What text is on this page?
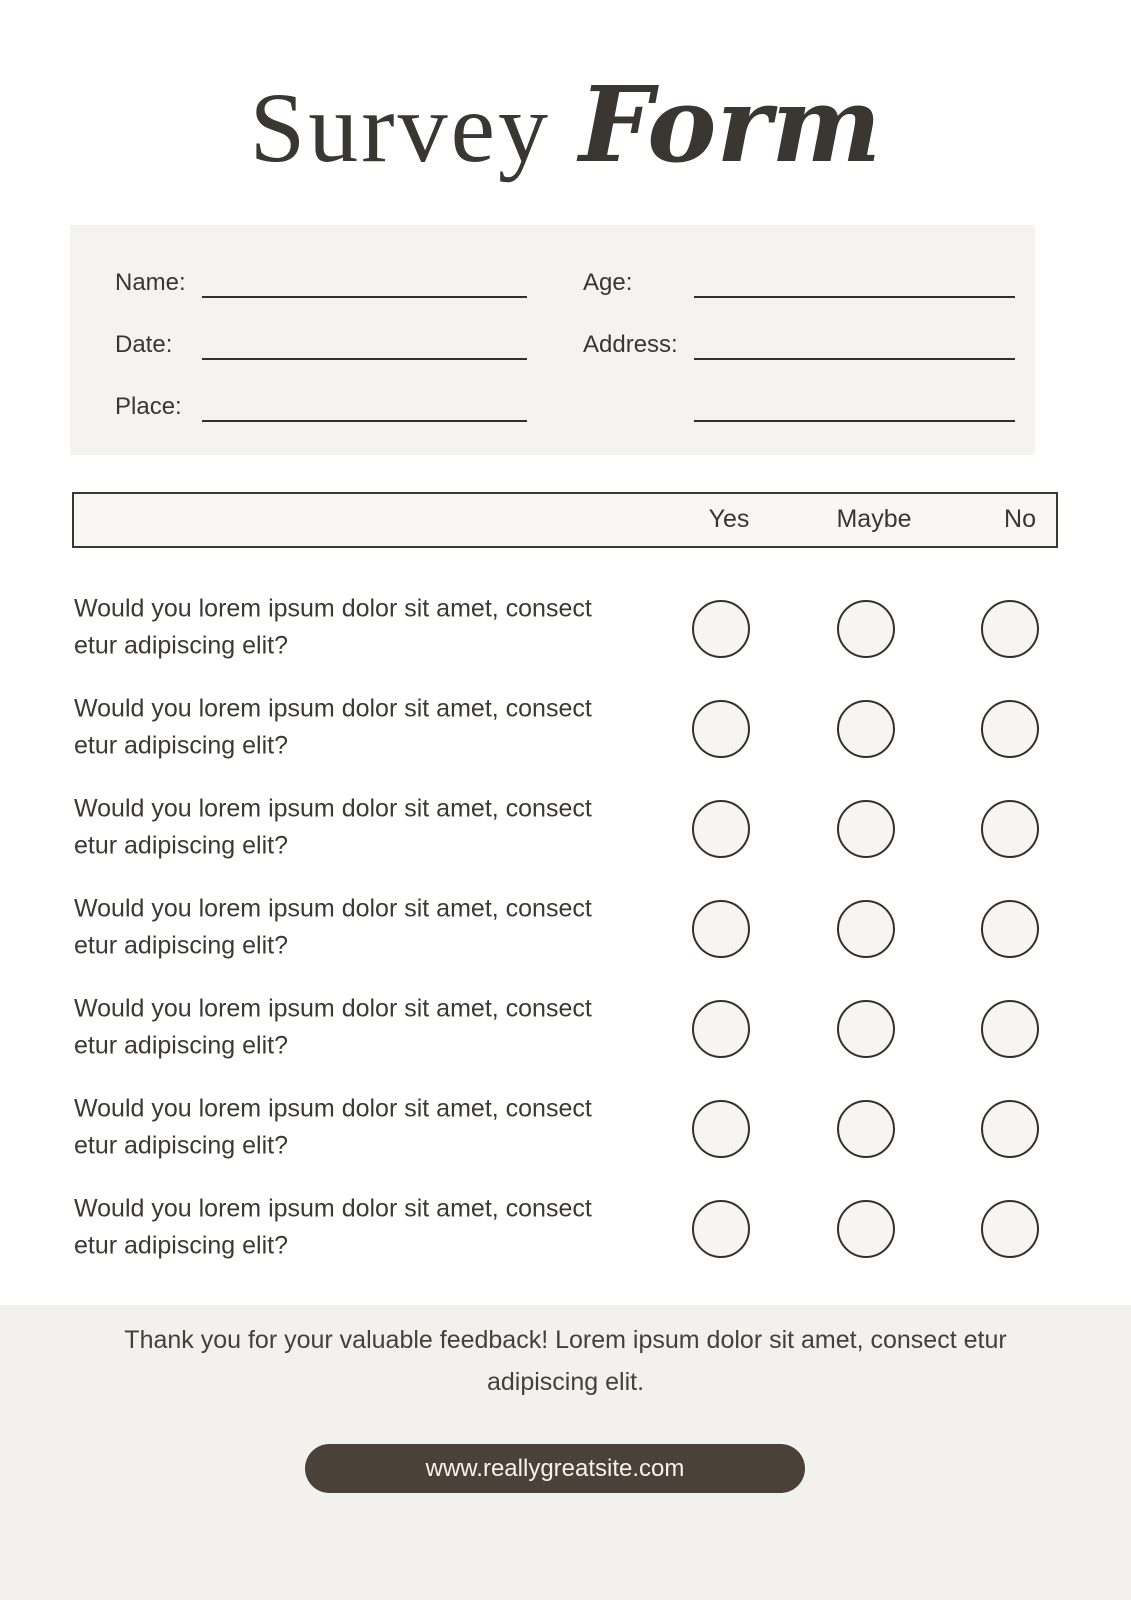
Survey Form
Name:	Age:
Date:	Address:
Place:
Yes	Maybe	No

Would you lorem ipsum dolor sit amet, consect etur adipiscing elit?

Would you lorem ipsum dolor sit amet, consect etur adipiscing elit?

Would you lorem ipsum dolor sit amet, consect etur adipiscing elit?

Would you lorem ipsum dolor sit amet, consect etur adipiscing elit?

Would you lorem ipsum dolor sit amet, consect etur adipiscing elit?

Would you lorem ipsum dolor sit amet, consect etur adipiscing elit?

Would you lorem ipsum dolor sit amet, consect etur adipiscing elit?

Thank you for your valuable feedback! Lorem ipsum dolor sit amet, consect etur adipiscing elit.

www.reallygreatsite.com
